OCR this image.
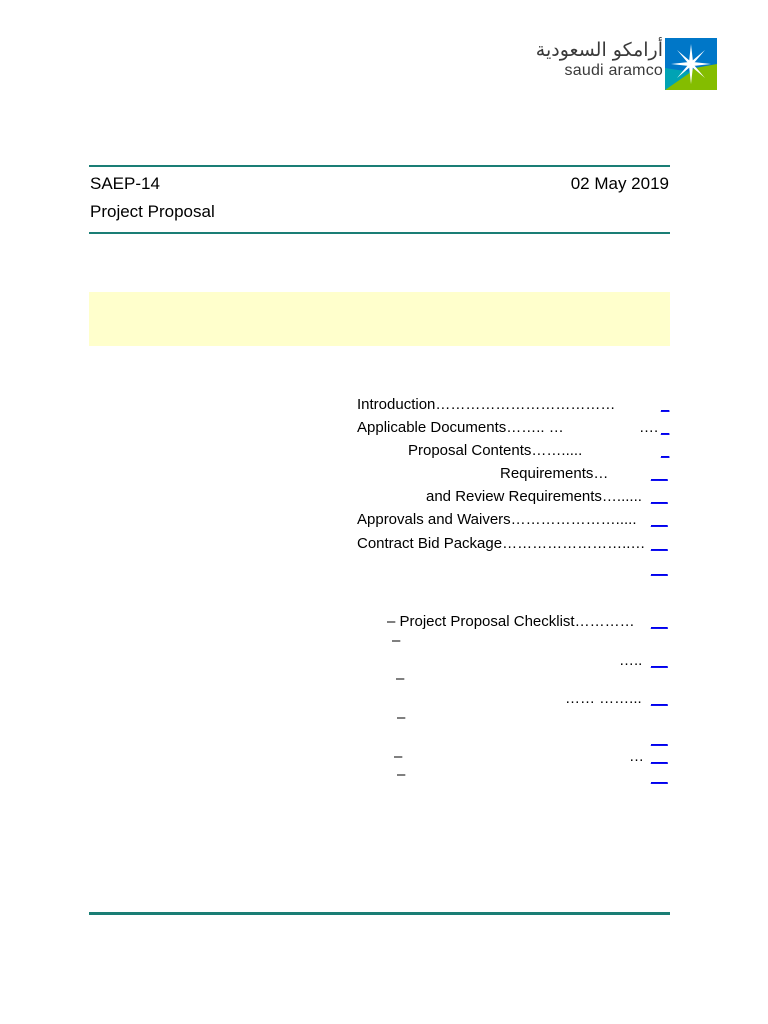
أرامكو السعودية
saudi aramco
SAEP-14	02 May 2019
Project Proposal
Introduction………………………………	_
Applicable Documents…….. …	…. _
Proposal Contents…….....	_
Requirements…	__
and Review Requirements…...... __
Approvals and Waivers…………………..... __
Contract Bid Package……………………..… __
__
– Project Proposal Checklist………… __
–
….. __
–
…… ……... __
–
__
–	… __
–	__
